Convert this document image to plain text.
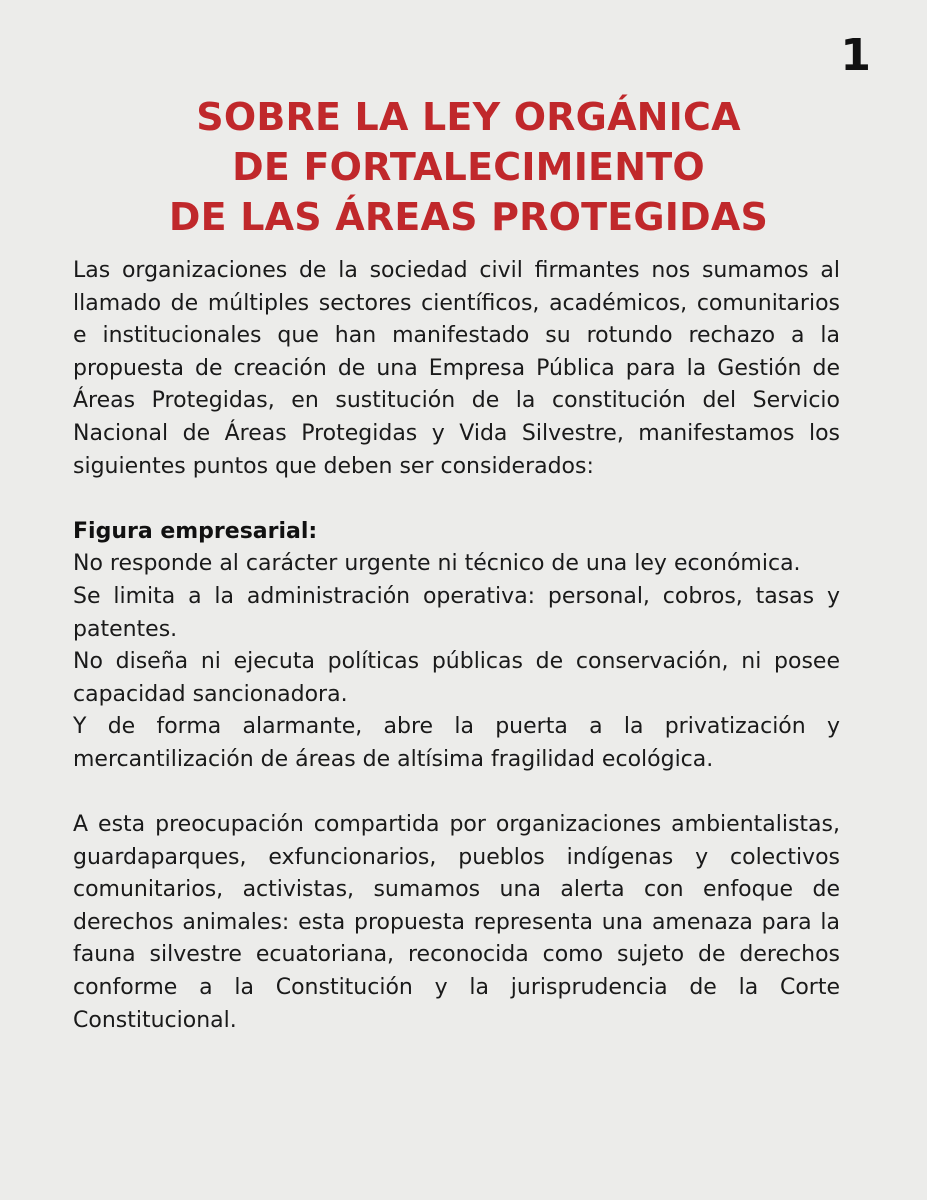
1
SOBRE LA LEY ORGÁNICA
DE FORTALECIMIENTO
DE LAS ÁREAS PROTEGIDAS

Las organizaciones de la sociedad civil firmantes nos sumamos al llamado de múltiples sectores científicos, académicos, comunitarios e institucionales que han manifestado su rotundo rechazo a la propuesta de creación de una Empresa Pública para la Gestión de Áreas Protegidas, en sustitución de la constitución del Servicio Nacional de Áreas Protegidas y Vida Silvestre, manifestamos los siguientes puntos que deben ser considerados:

Figura empresarial:

No responde al carácter urgente ni técnico de una ley económica.

Se limita a la administración operativa: personal, cobros, tasas y patentes.

No diseña ni ejecuta políticas públicas de conservación, ni posee capacidad sancionadora.

Y de forma alarmante, abre la puerta a la privatización y mercantilización de áreas de altísima fragilidad ecológica.

A esta preocupación compartida por organizaciones ambientalistas, guardaparques, exfuncionarios, pueblos indígenas y colectivos comunitarios, activistas, sumamos una alerta con enfoque de derechos animales: esta propuesta representa una amenaza para la fauna silvestre ecuatoriana, reconocida como sujeto de derechos conforme a la Constitución y la jurisprudencia de la Corte Constitucional.
